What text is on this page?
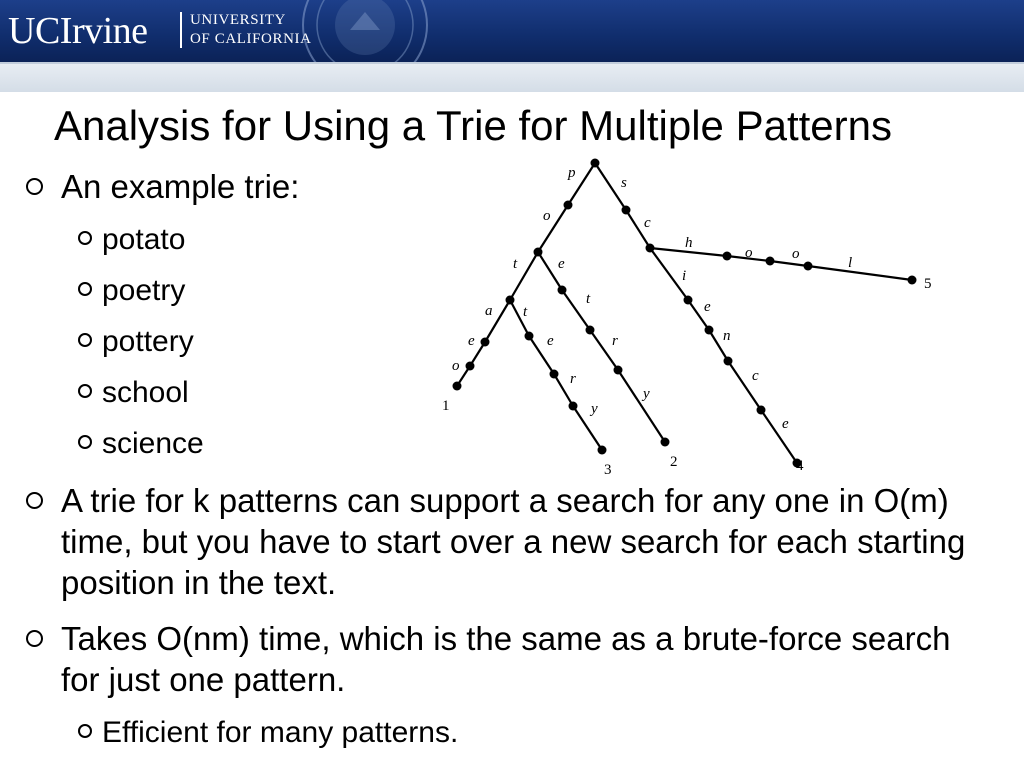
UCIrvine	UNIVERSITY
OF CALIFORNIA
Analysis for Using a Trie for Multiple Patterns
An example trie:
potato
poetry
pottery
school
science
A trie for k patterns can support a search for any one in O(m) time, but you have to start over a new search for each starting position in the text.
Takes O(nm) time, which is the same as a brute-force search for just one pattern.
Efficient for many patterns.
p
s
o	c
h
o	o
l
t	e
i
a t	e
t
e	r	n
o
e
r
y
c
y
e
1
2
3	4
5
